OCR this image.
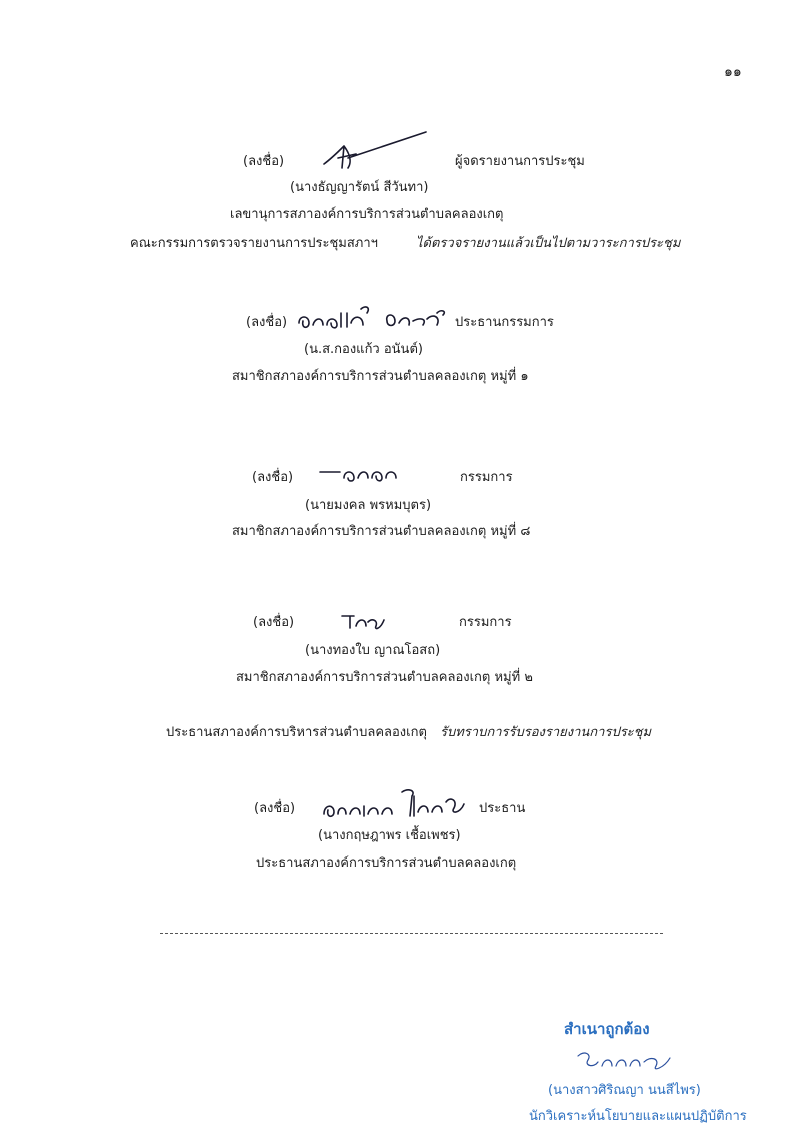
๑๑
(ลงชื่อ)	ผู้จดรายงานการประชุม
(นางธัญญารัตน์ สีวันทา)
เลขานุการสภาองค์การบริการส่วนตำบลคลองเกตุ
คณะกรรมการตรวจรายงานการประชุมสภาฯ	ได้ตรวจรายงานแล้วเป็นไปตามวาระการประชุม
(ลงชื่อ)	ประธานกรรมการ
(น.ส.กองแก้ว อนันต์)
สมาชิกสภาองค์การบริการส่วนตำบลคลองเกตุ หมู่ที่ ๑
(ลงชื่อ)	กรรมการ
(นายมงคล พรหมบุตร)
สมาชิกสภาองค์การบริการส่วนตำบลคลองเกตุ หมู่ที่ ๘
(ลงชื่อ)	กรรมการ
(นางทองใบ ญาณโอสถ)
สมาชิกสภาองค์การบริการส่วนตำบลคลองเกตุ หมู่ที่ ๒
ประธานสภาองค์การบริหารส่วนตำบลคลองเกตุ รับทราบการรับรองรายงานการประชุม
(ลงชื่อ)	ประธาน
(นางกฤษฎาพร เชื้อเพชร)
ประธานสภาองค์การบริการส่วนตำบลคลองเกตุ
สำเนาถูกต้อง
(นางสาวศิริณญา นนสีไพร)
นักวิเคราะห์นโยบายและแผนปฏิบัติการ
